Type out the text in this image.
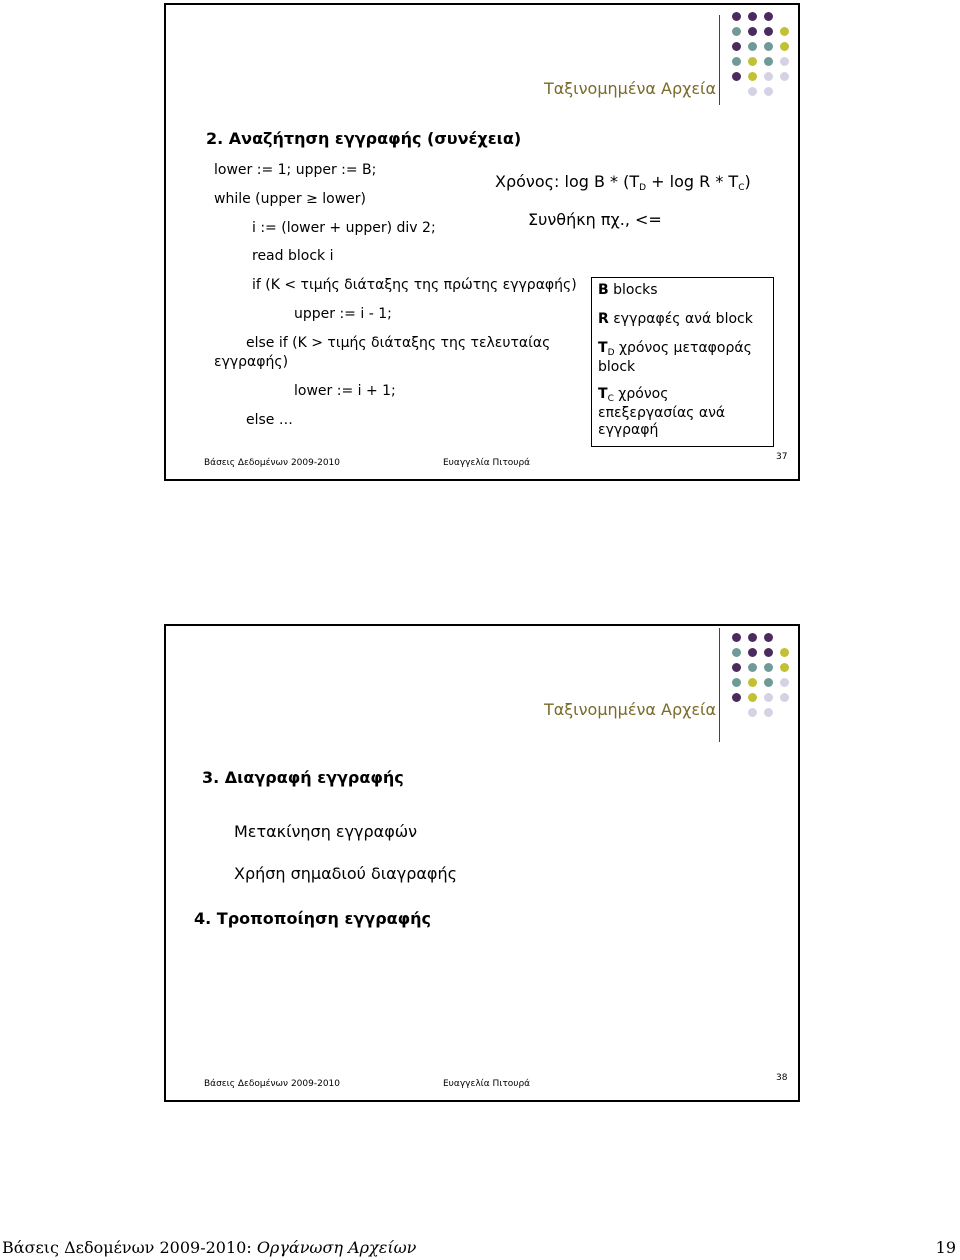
Ταξινομημένα Αρχεία
2. Αναζήτηση εγγραφής (συνέχεια)
lower := 1; upper := B;
while (upper ≥ lower)
i := (lower + upper) div 2;
read block i
if (K < τιμής διάταξης της πρώτης εγγραφής)
upper := i - 1;
else if (K > τιμής διάταξης της τελευταίας
εγγραφής)
lower := i + 1;
else …
Χρόνος: log B * (TD + log R * TC)
Συνθήκη πχ., <=
B blocks
R εγγραφές ανά block
$T_D$ χρόνος μεταφοράς
block
$T_C$ χρόνος
επεξεργασίας ανά
εγγραφή
Βάσεις Δεδομένων 2009-2010	Ευαγγελία Πιτουρά
37
Ταξινομημένα Αρχεία
3. Διαγραφή εγγραφής
Μετακίνηση εγγραφών
Χρήση σημαδιού διαγραφής
4. Τροποποίηση εγγραφής
Βάσεις Δεδομένων 2009-2010	Ευαγγελία Πιτουρά
38
Βάσεις Δεδομένων 2009-2010: Οργάνωση Αρχείων	19
